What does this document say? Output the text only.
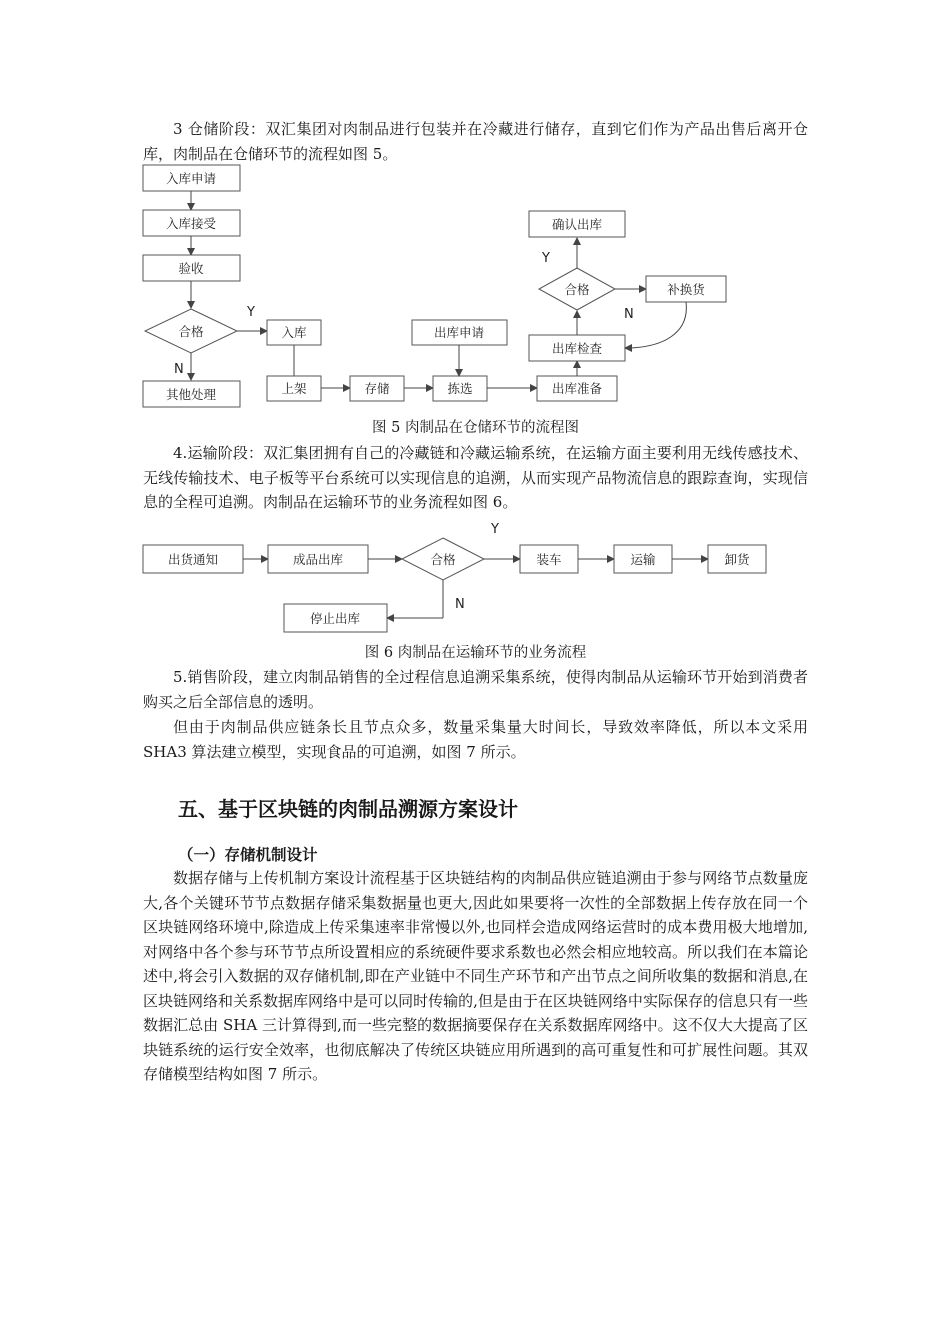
3 仓储阶段：双汇集团对肉制品进行包装并在冷藏进行储存，直到它们作为产品出售后离开仓库，肉制品在仓储环节的流程如图 5。

入库申请
入库接受
验收
合格
N
其他处理
Y
入库
上架	存储	拣选
出库申请
出库准备
出库检查
合格
Y
确认出库
N
补换货

图 5 肉制品在仓储环节的流程图

4.运输阶段：双汇集团拥有自己的冷藏链和冷藏运输系统，在运输方面主要利用无线传感技术、无线传输技术、电子板等平台系统可以实现信息的追溯，从而实现产品物流信息的跟踪查询，实现信息的全程可追溯。肉制品在运输环节的业务流程如图 6。

出货通知	成品出库	合格
Y
装车	运输	卸货
N
停止出库

图 6 肉制品在运输环节的业务流程

5.销售阶段，建立肉制品销售的全过程信息追溯采集系统，使得肉制品从运输环节开始到消费者购买之后全部信息的透明。

但由于肉制品供应链条长且节点众多，数量采集量大时间长，导致效率降低，所以本文采用 SHA3 算法建立模型，实现食品的可追溯，如图 7 所示。

五、基于区块链的肉制品溯源方案设计
（一）存储机制设计

数据存储与上传机制方案设计流程基于区块链结构的肉制品供应链追溯由于参与网络节点数量庞大,各个关键环节节点数据存储采集数据量也更大,因此如果要将一次性的全部数据上传存放在同一个区块链网络环境中,除造成上传采集速率非常慢以外,也同样会造成网络运营时的成本费用极大地增加,对网络中各个参与环节节点所设置相应的系统硬件要求系数也必然会相应地较高。所以我们在本篇论述中,将会引入数据的双存储机制,即在产业链中不同生产环节和产出节点之间所收集的数据和消息,在区块链网络和关系数据库网络中是可以同时传输的,但是由于在区块链网络中实际保存的信息只有一些数据汇总由 SHA 三计算得到,而一些完整的数据摘要保存在关系数据库网络中。这不仅大大提高了区块链系统的运行安全效率，也彻底解决了传统区块链应用所遇到的高可重复性和可扩展性问题。其双存储模型结构如图 7 所示。
